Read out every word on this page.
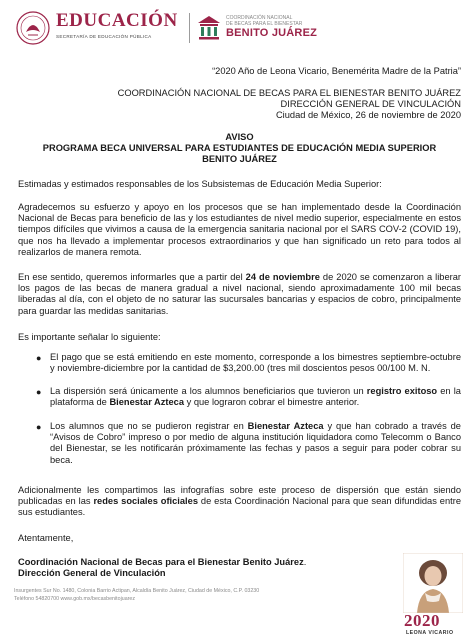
EDUCACIÓN
SECRETARÍA DE EDUCACIÓN PÚBLICA
COORDINACIÓN NACIONAL
DE BECAS PARA EL BIENESTAR
BENITO JUÁREZ

“2020 Año de Leona Vicario, Benemérita Madre de la Patria”

COORDINACIÓN NACIONAL DE BECAS PARA EL BIENESTAR BENITO JUÁREZ

DIRECCIÓN GENERAL DE VINCULACIÓN

Ciudad de México, 26 de noviembre de 2020

AVISO

PROGRAMA BECA UNIVERSAL PARA ESTUDIANTES DE EDUCACIÓN MEDIA SUPERIOR

BENITO JUÁREZ

Estimadas y estimados responsables de los Subsistemas de Educación Media Superior:

Agradecemos su esfuerzo y apoyo en los procesos que se han implementado desde la Coordinación Nacional de Becas para beneficio de las y los estudiantes de nivel medio superior, especialmente en estos tiempos difíciles que vivimos a causa de la emergencia sanitaria nacional por el SARS COV-2 (COVID 19), que nos ha llevado a implementar procesos extraordinarios y que han significado un reto para todos al realizarlos de manera remota.

En ese sentido, queremos informarles que a partir del 24 de noviembre de 2020 se comenzaron a liberar los pagos de las becas de manera gradual a nivel nacional, siendo aproximadamente 100 mil becas liberadas al día, con el objeto de no saturar las sucursales bancarias y espacios de cobro, principalmente para guardar las medidas sanitarias.

Es importante señalar lo siguiente:

● El pago que se está emitiendo en este momento, corresponde a los bimestres septiembre-octubre y noviembre-diciembre por la cantidad de $3,200.00 (tres mil doscientos pesos 00/100 M. N.
● La dispersión será únicamente a los alumnos beneficiarios que tuvieron un registro exitoso en la plataforma de Bienestar Azteca y que lograron cobrar el bimestre anterior.
● Los alumnos que no se pudieron registrar en Bienestar Azteca y que han cobrado a través de “Avisos de Cobro” impreso o por medio de alguna institución liquidadora como Telecomm o Banco del Bienestar, se les notificarán próximamente las fechas y pasos a seguir para poder cobrar su beca.

Adicionalmente les compartimos las infografías sobre este proceso de dispersión que están siendo publicadas en las redes sociales oficiales de esta Coordinación Nacional para que sean difundidas entre sus estudiantes.

Atentamente,

Coordinación Nacional de Becas para el Bienestar Benito Juárez.

Dirección General de Vinculación

Insurgentes Sur No. 1480, Colonia Barrio Actipan, Alcaldía Benito Juárez, Ciudad de México, C.P. 03230
Teléfono 54820700 www.gob.mx/becasbenitojuarez
2020
LEONA VICARIO
